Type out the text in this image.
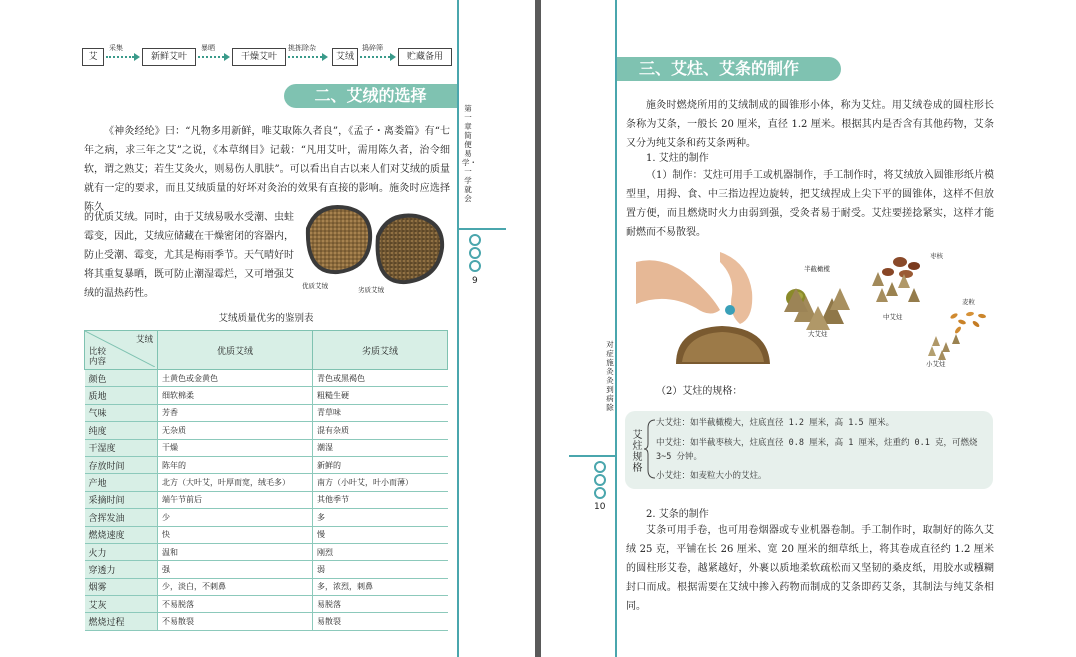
艾
采集
新鲜艾叶
暴晒
干燥艾叶
挑拣除杂
艾绒
捣碎筛
贮藏备用
二、艾绒的选择
《神灸经纶》曰：“凡物多用新鲜，唯艾取陈久者良”，《孟子・离娄篇》有“七年之病，求三年之艾”之说，《本草纲目》记载：“凡用艾叶，需用陈久者，治令细软，谓之熟艾；若生艾灸火，则易伤人肌肤”。可以看出自古以来人们对艾绒的质量就有一定的要求，而且艾绒质量的好坏对灸治的效果有直接的影响。施灸时应选择陈久
的优质艾绒。同时，由于艾绒易吸水受潮、虫蛀霉变，因此，艾绒应储藏在干燥密闭的容器内，防止受潮、霉变，尤其是梅雨季节。天气晴好时将其重复暴晒，既可防止潮湿霉烂，又可增强艾绒的温热药性。
优质艾绒	劣质艾绒
艾绒质量优劣的鉴别表
艾绒
比较
内容	优质艾绒	劣质艾绒
颜色	土黄色或金黄色	青色或黑褐色
质地	细软棉柔	粗糙生硬
气味	芳香	青草味
纯度	无杂质	混有杂质
干湿度	干燥	潮湿
存放时间	陈年的	新鲜的
产地	北方（大叶艾，叶厚而宽，绒毛多）	南方（小叶艾，叶小而薄）
采摘时间	端午节前后	其他季节
含挥发油	少	多
燃烧速度	快	慢
火力	温和	刚烈
穿透力	强	弱
烟雾	少，淡白，不刺鼻	多，浓烈，刺鼻
艾灰	不易脱落	易脱落
燃烧过程	不易散裂	易散裂
第一章 简便易学・一学就会
9
三、艾炷、艾条的制作
施灸时燃烧所用的艾绒制成的圆锥形小体，称为艾炷。用艾绒卷成的圆柱形长条称为艾条，一般长 20 厘米，直径 1.2 厘米。根据其内是否含有其他药物，艾条又分为纯艾条和药艾条两种。
1. 艾炷的制作
（1）制作：艾炷可用手工或机器制作，手工制作时，将艾绒放入圆锥形纸片模型里，用拇、食、中三指边捏边旋转，把艾绒捏成上尖下平的圆锥体，这样不但放置方便，而且燃烧时火力由弱到强，受灸者易于耐受。艾炷要搓捻紧实，这样才能耐燃而不易散裂。
半截橄榄
大艾炷
枣核
中艾炷
麦粒
小艾炷
（2）艾炷的规格：
艾炷规格
大艾炷：如半截橄榄大，炷底直径 1.2 厘米，高 1.5 厘米。
中艾炷：如半截枣核大，炷底直径 0.8 厘米，高 1 厘米，炷重约 0.1 克，可燃烧 3~5 分钟。
小艾炷：如麦粒大小的艾炷。
2. 艾条的制作
艾条可用手卷，也可用卷烟器或专业机器卷制。手工制作时，取制好的陈久艾绒 25 克，平铺在长 26 厘米、宽 20 厘米的细草纸上，将其卷成直径约 1.2 厘米的圆柱形艾卷，越紧越好，外裹以质地柔软疏松而又坚韧的桑皮纸，用胶水或糨糊封口而成。根据需要在艾绒中掺入药物而制成的艾条即药艾条，其制法与纯艾条相同。
对症施灸 灸到病除
10
